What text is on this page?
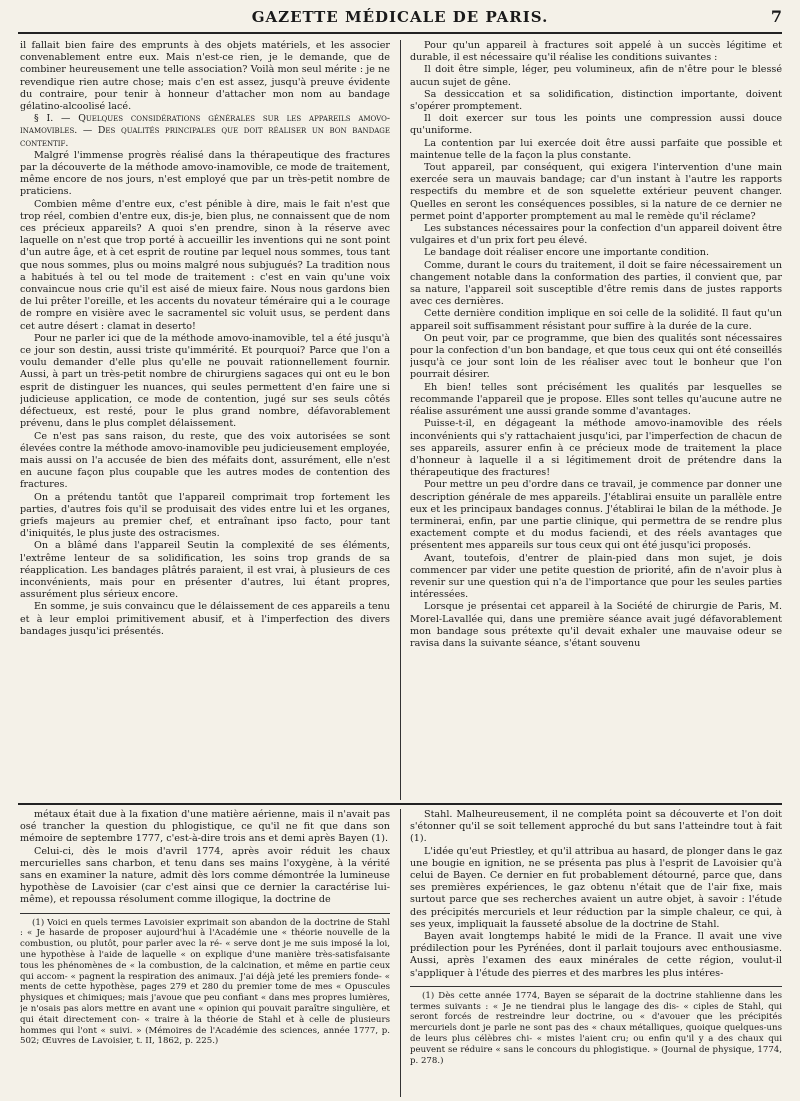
GAZETTE MÉDICALE DE PARIS.	7

il fallait bien faire des emprunts à des objets matériels, et les associer convenablement entre eux. Mais n'est-ce rien, je le demande, que de combiner heureusement une telle association? Voilà mon seul mérite : je ne revendique rien autre chose; mais c'en est assez, jusqu'à preuve évidente du contraire, pour tenir à honneur d'attacher mon nom au bandage gélatino-alcoolisé lacé.

§ I. — Quelques considérations générales sur les appareils amovo-inamovibles. — Des qualités principales que doit réaliser un bon bandage contentif.

Malgré l'immense progrès réalisé dans la thérapeutique des fractures par la découverte de la méthode amovo-inamovible, ce mode de traitement, même encore de nos jours, n'est employé que par un très-petit nombre de praticiens.

Combien même d'entre eux, c'est pénible à dire, mais le fait n'est que trop réel, combien d'entre eux, dis-je, bien plus, ne connaissent que de nom ces précieux appareils? A quoi s'en prendre, sinon à la réserve avec laquelle on n'est que trop porté à accueillir les inventions qui ne sont point d'un autre âge, et à cet esprit de routine par lequel nous sommes, tous tant que nous sommes, plus ou moins malgré nous subjugués? La tradition nous a habitués à tel ou tel mode de traitement : c'est en vain qu'une voix convaincue nous crie qu'il est aisé de mieux faire. Nous nous gardons bien de lui prêter l'oreille, et les accents du novateur téméraire qui a le courage de rompre en visière avec le sacramentel sic voluit usus, se perdent dans cet autre désert : clamat in deserto!

Pour ne parler ici que de la méthode amovo-inamovible, tel a été jusqu'à ce jour son destin, aussi triste qu'immérité. Et pourquoi? Parce que l'on a voulu demander d'elle plus qu'elle ne pouvait rationnellement fournir. Aussi, à part un très-petit nombre de chirurgiens sagaces qui ont eu le bon esprit de distinguer les nuances, qui seules permettent d'en faire une si judicieuse application, ce mode de contention, jugé sur ses seuls côtés défectueux, est resté, pour le plus grand nombre, défavorablement prévenu, dans le plus complet délaissement.

Ce n'est pas sans raison, du reste, que des voix autorisées se sont élevées contre la méthode amovo-inamovible peu judicieusement employée, mais aussi on l'a accusée de bien des méfaits dont, assurément, elle n'est en aucune façon plus coupable que les autres modes de contention des fractures.

On a prétendu tantôt que l'appareil comprimait trop fortement les parties, d'autres fois qu'il se produisait des vides entre lui et les organes, griefs majeurs au premier chef, et entraînant ipso facto, pour tant d'iniquités, le plus juste des ostracismes.

On a blâmé dans l'appareil Seutin la complexité de ses éléments, l'extrême lenteur de sa solidification, les soins trop grands de sa réapplication. Les bandages plâtrés paraient, il est vrai, à plusieurs de ces inconvénients, mais pour en présenter d'autres, lui étant propres, assurément plus sérieux encore.

En somme, je suis convaincu que le délaissement de ces appareils a tenu et à leur emploi primitivement abusif, et à l'imperfection des divers bandages jusqu'ici présentés.

Pour qu'un appareil à fractures soit appelé à un succès légitime et durable, il est nécessaire qu'il réalise les conditions suivantes :

Il doit être simple, léger, peu volumineux, afin de n'être pour le blessé aucun sujet de gêne.

Sa dessiccation et sa solidification, distinction importante, doivent s'opérer promptement.

Il doit exercer sur tous les points une compression aussi douce qu'uniforme.

La contention par lui exercée doit être aussi parfaite que possible et maintenue telle de la façon la plus constante.

Tout appareil, par conséquent, qui exigera l'intervention d'une main exercée sera un mauvais bandage; car d'un instant à l'autre les rapports respectifs du membre et de son squelette extérieur peuvent changer. Quelles en seront les conséquences possibles, si la nature de ce dernier ne permet point d'apporter promptement au mal le remède qu'il réclame?

Les substances nécessaires pour la confection d'un appareil doivent être vulgaires et d'un prix fort peu élevé.

Le bandage doit réaliser encore une importante condition.

Comme, durant le cours du traitement, il doit se faire nécessairement un changement notable dans la conformation des parties, il convient que, par sa nature, l'appareil soit susceptible d'être remis dans de justes rapports avec ces dernières.

Cette dernière condition implique en soi celle de la solidité. Il faut qu'un appareil soit suffisamment résistant pour suffire à la durée de la cure.

On peut voir, par ce programme, que bien des qualités sont nécessaires pour la confection d'un bon bandage, et que tous ceux qui ont été conseillés jusqu'à ce jour sont loin de les réaliser avec tout le bonheur que l'on pourrait désirer.

Eh bien! telles sont précisément les qualités par lesquelles se recommande l'appareil que je propose. Elles sont telles qu'aucune autre ne réalise assurément une aussi grande somme d'avantages.

Puisse-t-il, en dégageant la méthode amovo-inamovible des réels inconvénients qui s'y rattachaient jusqu'ici, par l'imperfection de chacun de ses appareils, assurer enfin à ce précieux mode de traitement la place d'honneur à laquelle il a si légitimement droit de prétendre dans la thérapeutique des fractures!

Pour mettre un peu d'ordre dans ce travail, je commence par donner une description générale de mes appareils. J'établirai ensuite un parallèle entre eux et les principaux bandages connus. J'établirai le bilan de la méthode. Je terminerai, enfin, par une partie clinique, qui permettra de se rendre plus exactement compte et du modus faciendi, et des réels avantages que présentent mes appareils sur tous ceux qui ont été jusqu'ici proposés.

Avant, toutefois, d'entrer de plain-pied dans mon sujet, je dois commencer par vider une petite question de priorité, afin de n'avoir plus à revenir sur une question qui n'a de l'importance que pour les seules parties intéressées.

Lorsque je présentai cet appareil à la Société de chirurgie de Paris, M. Morel-Lavallée qui, dans une première séance avait jugé défavorablement mon bandage sous prétexte qu'il devait exhaler une mauvaise odeur se ravisa dans la suivante séance, s'étant souvenu

métaux était due à la fixation d'une matière aérienne, mais il n'avait pas osé trancher la question du phlogistique, ce qu'il ne fit que dans son mémoire de septembre 1777, c'est-à-dire trois ans et demi après Bayen (1).

Celui-ci, dès le mois d'avril 1774, après avoir réduit les chaux mercurielles sans charbon, et tenu dans ses mains l'oxygène, à la vérité sans en examiner la nature, admit dès lors comme démontrée la lumineuse hypothèse de Lavoisier (car c'est ainsi que ce dernier la caractérise lui-même), et repoussa résolument comme illogique, la doctrine de

(1) Voici en quels termes Lavoisier exprimait son abandon de la doctrine de Stahl : « Je hasarde de proposer aujourd'hui à l'Académie une « théorie nouvelle de la combustion, ou plutôt, pour parler avec la ré- « serve dont je me suis imposé la loi, une hypothèse à l'aide de laquelle « on explique d'une manière très-satisfaisante tous les phénomènes de « la combustion, de la calcination, et même en partie ceux qui accom- « pagnent la respiration des animaux. J'ai déjà jeté les premiers fonde- « ments de cette hypothèse, pages 279 et 280 du premier tome de mes « Opuscules physiques et chimiques; mais j'avoue que peu confiant « dans mes propres lumières, je n'osais pas alors mettre en avant une « opinion qui pouvait paraître singulière, et qui était directement con- « traire à la théorie de Stahl et à celle de plusieurs hommes qui l'ont « suivi. » (Mémoires de l'Académie des sciences, année 1777, p. 502; Œuvres de Lavoisier, t. II, 1862, p. 225.)

Stahl. Malheureusement, il ne compléta point sa découverte et l'on doit s'étonner qu'il se soit tellement approché du but sans l'atteindre tout à fait (1).

L'idée qu'eut Priestley, et qu'il attribua au hasard, de plonger dans le gaz une bougie en ignition, ne se présenta pas plus à l'esprit de Lavoisier qu'à celui de Bayen. Ce dernier en fut probablement détourné, parce que, dans ses premières expériences, le gaz obtenu n'était que de l'air fixe, mais surtout parce que ses recherches avaient un autre objet, à savoir : l'étude des précipités mercuriels et leur réduction par la simple chaleur, ce qui, à ses yeux, impliquait la fausseté absolue de la doctrine de Stahl.

Bayen avait longtemps habité le midi de la France. Il avait une vive prédilection pour les Pyrénées, dont il parlait toujours avec enthousiasme. Aussi, après l'examen des eaux minérales de cette région, voulut-il s'appliquer à l'étude des pierres et des marbres les plus intéres-

(1) Dès cette année 1774, Bayen se séparait de la doctrine stahlienne dans les termes suivants : « Je ne tiendrai plus le langage des dis- « ciples de Stahl, qui seront forcés de restreindre leur doctrine, ou « d'avouer que les précipités mercuriels dont je parle ne sont pas des « chaux métalliques, quoique quelques-uns de leurs plus célèbres chi- « mistes l'aient cru; ou enfin qu'il y a des chaux qui peuvent se réduire « sans le concours du phlogistique. » (Journal de physique, 1774, p. 278.)
